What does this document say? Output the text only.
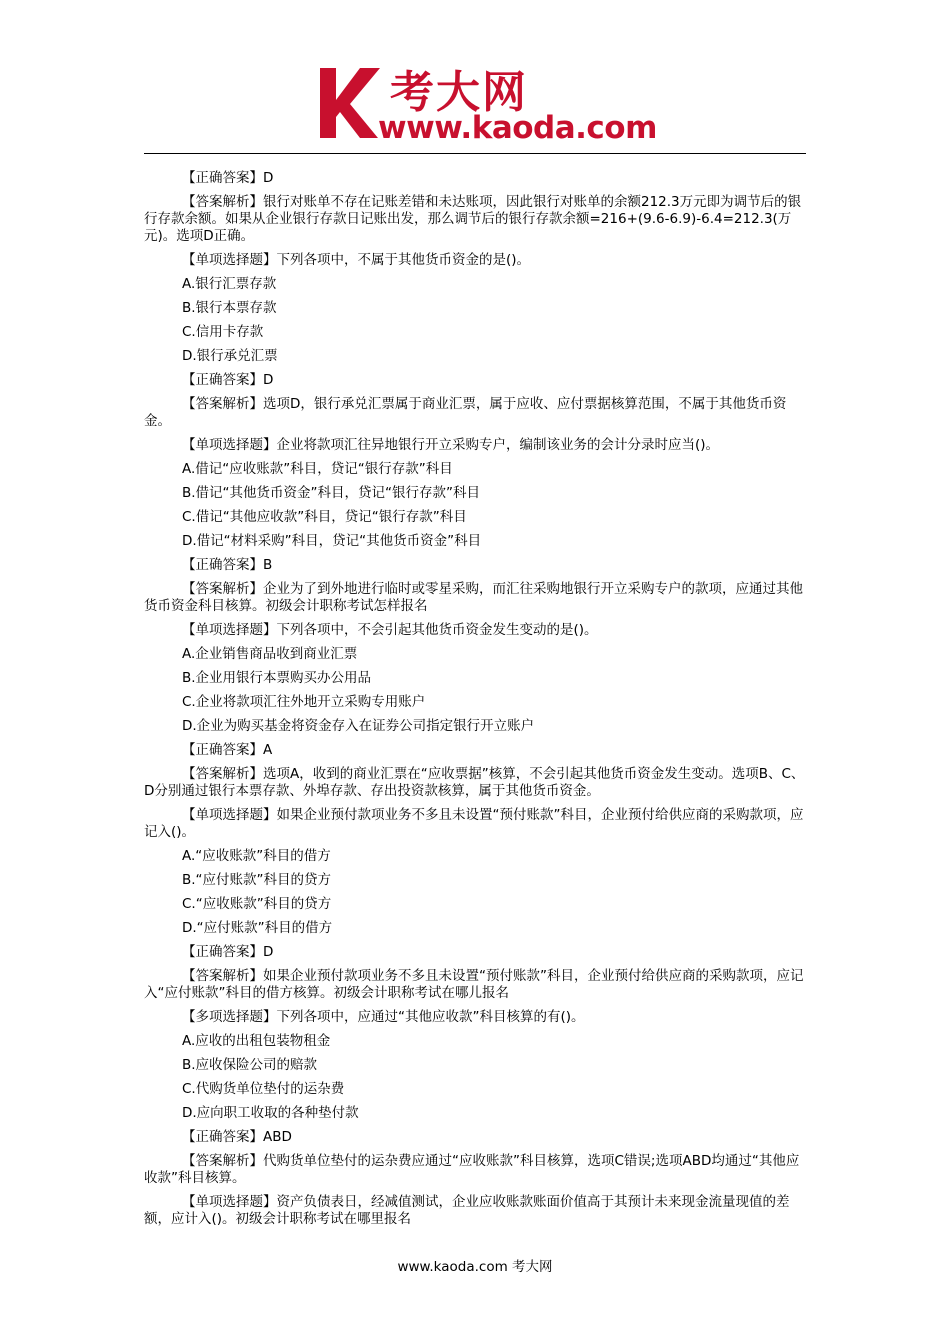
考大网
www.kaoda.com

【正确答案】D

【答案解析】银行对账单不存在记账差错和未达账项，因此银行对账单的余额212.3万元即为调节后的银行存款余额。如果从企业银行存款日记账出发，那么调节后的银行存款余额=216+(9.6-6.9)-6.4=212.3(万元)。选项D正确。

【单项选择题】下列各项中，不属于其他货币资金的是()。

A.银行汇票存款

B.银行本票存款

C.信用卡存款

D.银行承兑汇票

【正确答案】D

【答案解析】选项D，银行承兑汇票属于商业汇票，属于应收、应付票据核算范围，不属于其他货币资金。

【单项选择题】企业将款项汇往异地银行开立采购专户，编制该业务的会计分录时应当()。

A.借记“应收账款”科目，贷记“银行存款”科目

B.借记“其他货币资金”科目，贷记“银行存款”科目

C.借记“其他应收款”科目，贷记“银行存款”科目

D.借记“材料采购”科目，贷记“其他货币资金”科目

【正确答案】B

【答案解析】企业为了到外地进行临时或零星采购，而汇往采购地银行开立采购专户的款项，应通过其他货币资金科目核算。初级会计职称考试怎样报名

【单项选择题】下列各项中，不会引起其他货币资金发生变动的是()。

A.企业销售商品收到商业汇票

B.企业用银行本票购买办公用品

C.企业将款项汇往外地开立采购专用账户

D.企业为购买基金将资金存入在证券公司指定银行开立账户

【正确答案】A

【答案解析】选项A，收到的商业汇票在“应收票据”核算，不会引起其他货币资金发生变动。选项B、C、D分别通过银行本票存款、外埠存款、存出投资款核算，属于其他货币资金。

【单项选择题】如果企业预付款项业务不多且未设置“预付账款”科目，企业预付给供应商的采购款项，应记入()。

A.“应收账款”科目的借方

B.“应付账款”科目的贷方

C.“应收账款”科目的贷方

D.“应付账款”科目的借方

【正确答案】D

【答案解析】如果企业预付款项业务不多且未设置“预付账款”科目，企业预付给供应商的采购款项，应记入“应付账款”科目的借方核算。初级会计职称考试在哪儿报名

【多项选择题】下列各项中，应通过“其他应收款”科目核算的有()。

A.应收的出租包装物租金

B.应收保险公司的赔款

C.代购货单位垫付的运杂费

D.应向职工收取的各种垫付款

【正确答案】ABD

【答案解析】代购货单位垫付的运杂费应通过“应收账款”科目核算，选项C错误;选项ABD均通过“其他应收款”科目核算。

【单项选择题】资产负债表日，经减值测试，企业应收账款账面价值高于其预计未来现金流量现值的差额，应计入()。初级会计职称考试在哪里报名

www.kaoda.com 考大网
